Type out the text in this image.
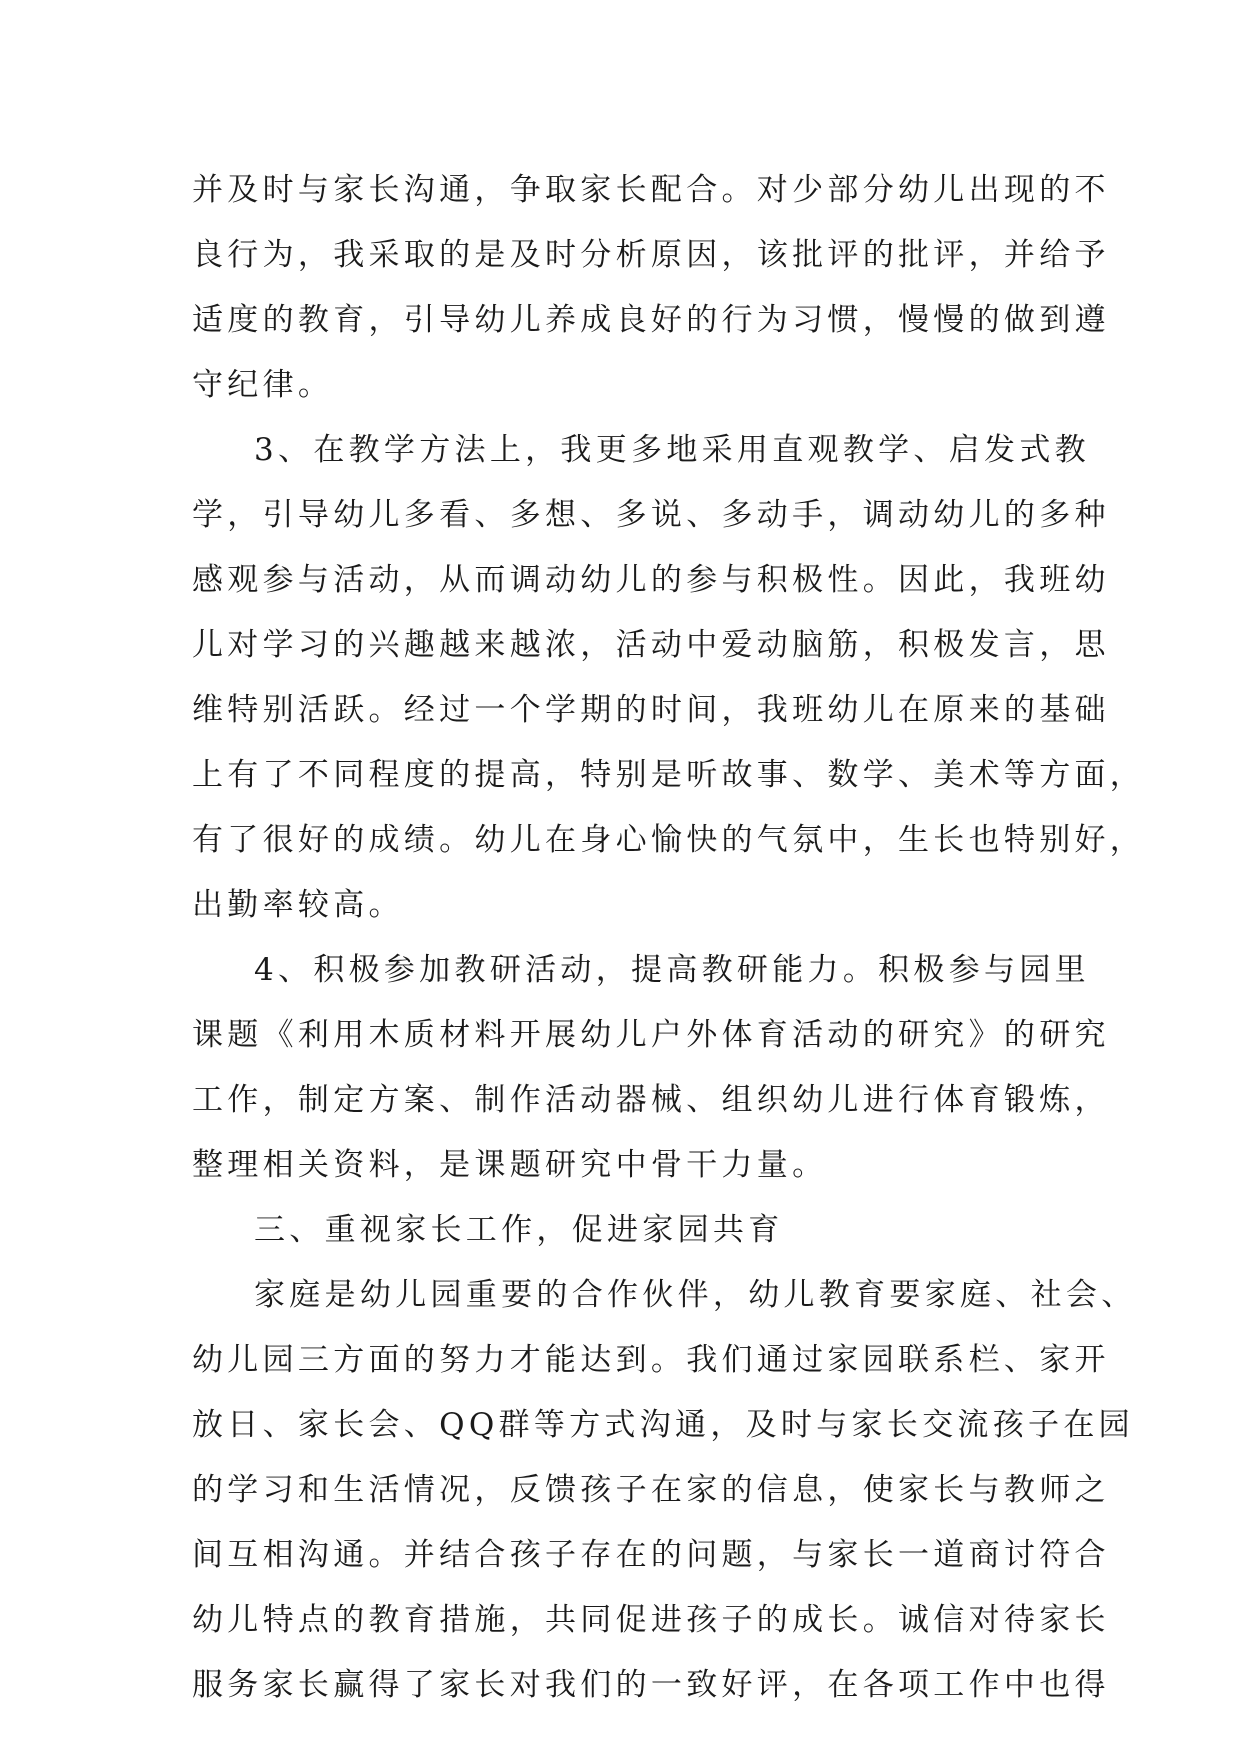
并及时与家长沟通，争取家长配合。对少部分幼儿出现的不
良行为，我采取的是及时分析原因，该批评的批评，并给予
适度的教育，引导幼儿养成良好的行为习惯，慢慢的做到遵
守纪律。
3、在教学方法上，我更多地采用直观教学、启发式教
学，引导幼儿多看、多想、多说、多动手，调动幼儿的多种
感观参与活动，从而调动幼儿的参与积极性。因此，我班幼
儿对学习的兴趣越来越浓，活动中爱动脑筋，积极发言，思
维特别活跃。经过一个学期的时间，我班幼儿在原来的基础
上有了不同程度的提高，特别是听故事、数学、美术等方面，
有了很好的成绩。幼儿在身心愉快的气氛中，生长也特别好，
出勤率较高。
4、积极参加教研活动，提高教研能力。积极参与园里
课题《利用木质材料开展幼儿户外体育活动的研究》的研究
工作，制定方案、制作活动器械、组织幼儿进行体育锻炼，
整理相关资料，是课题研究中骨干力量。
三、重视家长工作，促进家园共育
家庭是幼儿园重要的合作伙伴，幼儿教育要家庭、社会、
幼儿园三方面的努力才能达到。我们通过家园联系栏、家开
放日、家长会、QQ群等方式沟通，及时与家长交流孩子在园
的学习和生活情况，反馈孩子在家的信息，使家长与教师之
间互相沟通。并结合孩子存在的问题，与家长一道商讨符合
幼儿特点的教育措施，共同促进孩子的成长。诚信对待家长
服务家长赢得了家长对我们的一致好评，在各项工作中也得
